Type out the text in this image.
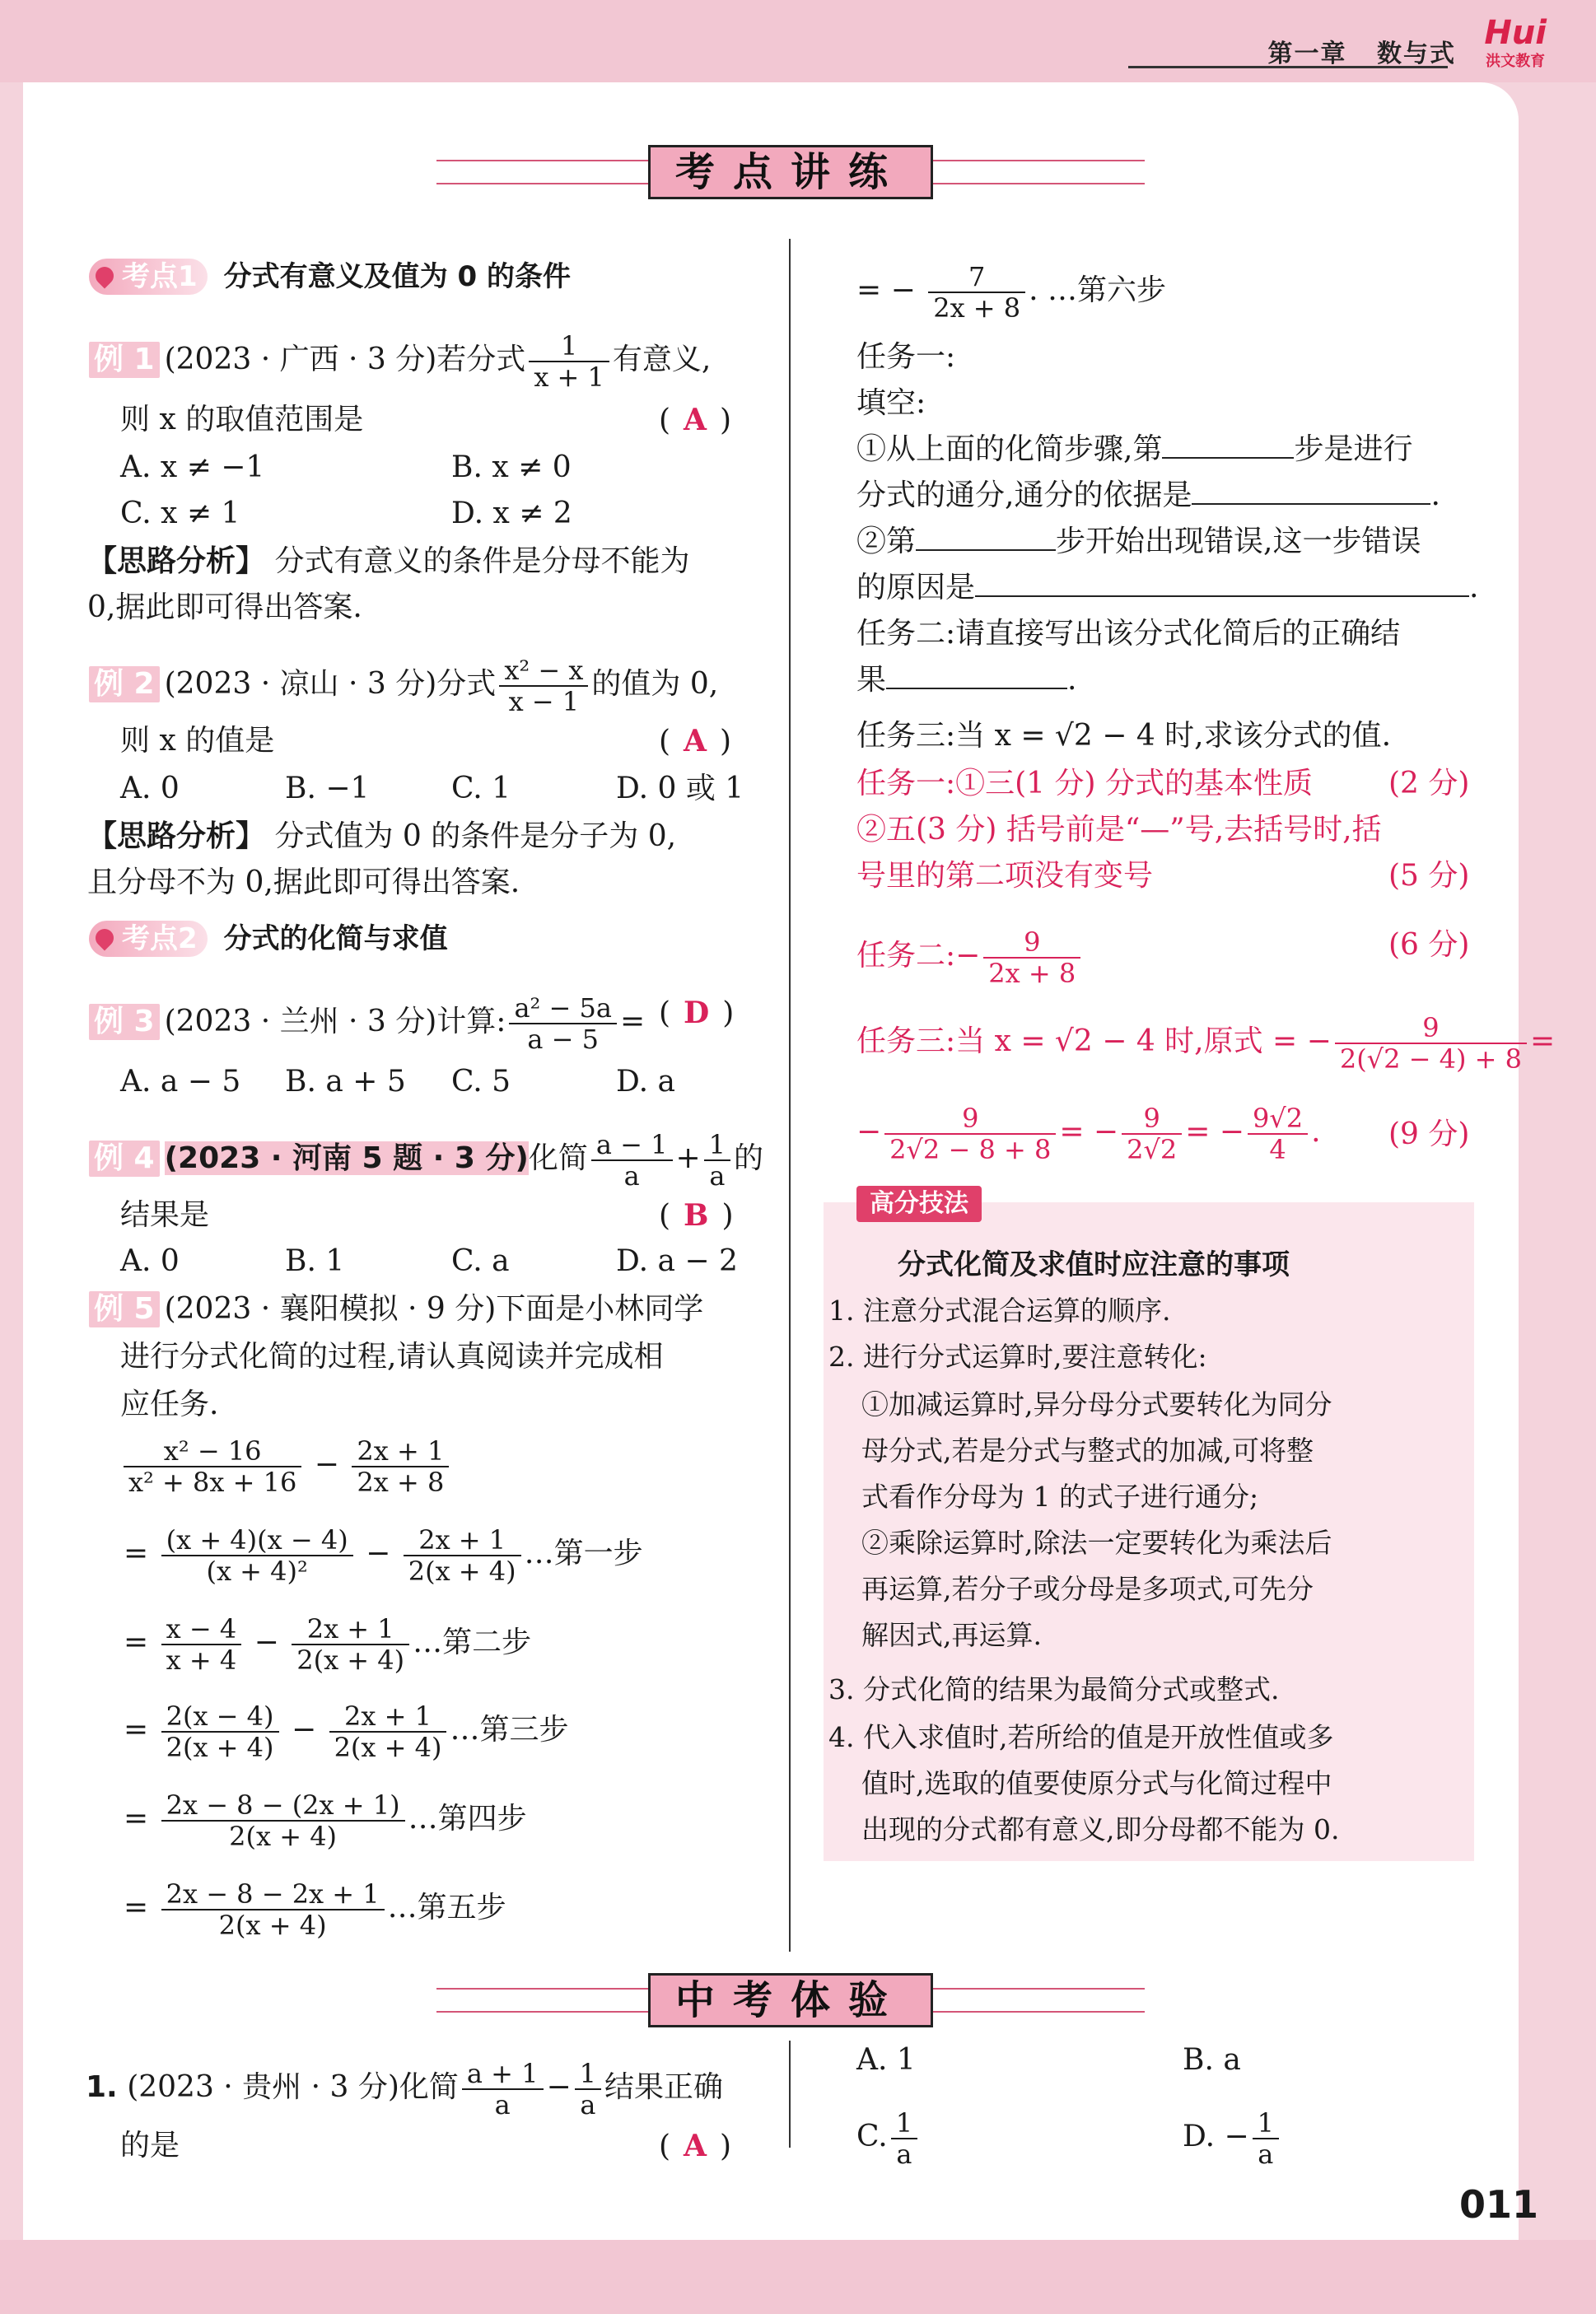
第一章 数与式
Hui
洪文教育
考点讲练
考点1 分式有意义及值为 0 的条件
例 1 (2023 · 广西 · 3 分)若分式 $\frac{1}{x + 1}$ 有意义,
则 x 的取值范围是	( A )
A. x ≠ −1	B. x ≠ 0
C. x ≠ 1	D. x ≠ 2
【思路分析】 分式有意义的条件是分母不能为
0,据此即可得出答案.
例 2 (2023 · 凉山 · 3 分)分式 $\frac{\text{x² − x}}{x - 1}$ 的值为 0,
则 x 的值是	( A )
A. 0	B. −1	C. 1	D. 0 或 1
【思路分析】 分式值为 0 的条件是分子为 0,
且分母不为 0,据此即可得出答案.
考点2 分式的化简与求值
例 3 (2023 · 兰州 · 3 分)计算: $\frac{\text{a² − 5a}}{a - 5}$ = ( D )
A. a − 5 B. a + 5 C. 5	D. a
例 4 (2023 · 河南 5 题 · 3 分)化简 $\frac{a - 1}{a} + \frac{1}{a}$ 的
结果是	( B )
A. 0	B. 1	C. a	D. a − 2
例 5 (2023 · 襄阳模拟 · 9 分)下面是小林同学
进行分式化简的过程,请认真阅读并完成相
应任务.
$\frac{\text{x² − 16}}{\text{x² + 8x + 16}} - \frac{2x + 1}{2x + 8}$
= $\frac{(x + 4)(x - 4)}{\text{(x + 4)²}} - \frac{2x + 1}{2(x + 4)}$ …第一步
= $\frac{x - 4}{x + 4} - \frac{2x + 1}{2(x + 4)}$ …第二步
= $\frac{2(x - 4)}{2(x + 4)} - \frac{2x + 1}{2(x + 4)}$ …第三步
= $\frac{2x - 8 - (2x + 1)}{2(x + 4)}$ …第四步
= $\frac{2x - 8 - 2x + 1}{2(x + 4)}$ …第五步
= − $\frac{7}{2x + 8}$ . …第六步
任务一:
填空:
①从上面的化简步骤,第	步是进行
分式的通分,通分的依据是	.
②第	步开始出现错误,这一步错误
的原因是	.
任务二:请直接写出该分式化简后的正确结
果	.
任务三:当 x = √2 − 4 时,求该分式的值.
任务一:①三(1 分) 分式的基本性质	(2 分)
②五(3 分) 括号前是“—”号,去括号时,括
号里的第二项没有变号	(5 分)
任务二:− $\frac{9}{2x + 8}$	(6 分)
任务三:当 x = √2 − 4 时,原式 = − $\frac{9}{2(√2 - 4) + 8}$ =
− $\frac{9}{2√2 - 8 + 8}$ = − $\frac{9}{2√2}$ = − $\frac{9√2}{4}$ . (9 分)
高分技法
分式化简及求值时应注意的事项
1. 注意分式混合运算的顺序.
2. 进行分式运算时,要注意转化:
①加减运算时,异分母分式要转化为同分
母分式,若是分式与整式的加减,可将整
式看作分母为 1 的式子进行通分;
②乘除运算时,除法一定要转化为乘法后
再运算,若分子或分母是多项式,可先分
解因式,再运算.
3. 分式化简的结果为最简分式或整式.
4. 代入求值时,若所给的值是开放性值或多
值时,选取的值要使原分式与化简过程中
出现的分式都有意义,即分母都不能为 0.
中考体验
1. (2023 · 贵州 · 3 分)化简 $\frac{a + 1}{a} - \frac{1}{a}$ 结果正确
的是	( A )
A. 1	B. a
C. $\frac{1}{a}$	D. − $\frac{1}{a}$
011
